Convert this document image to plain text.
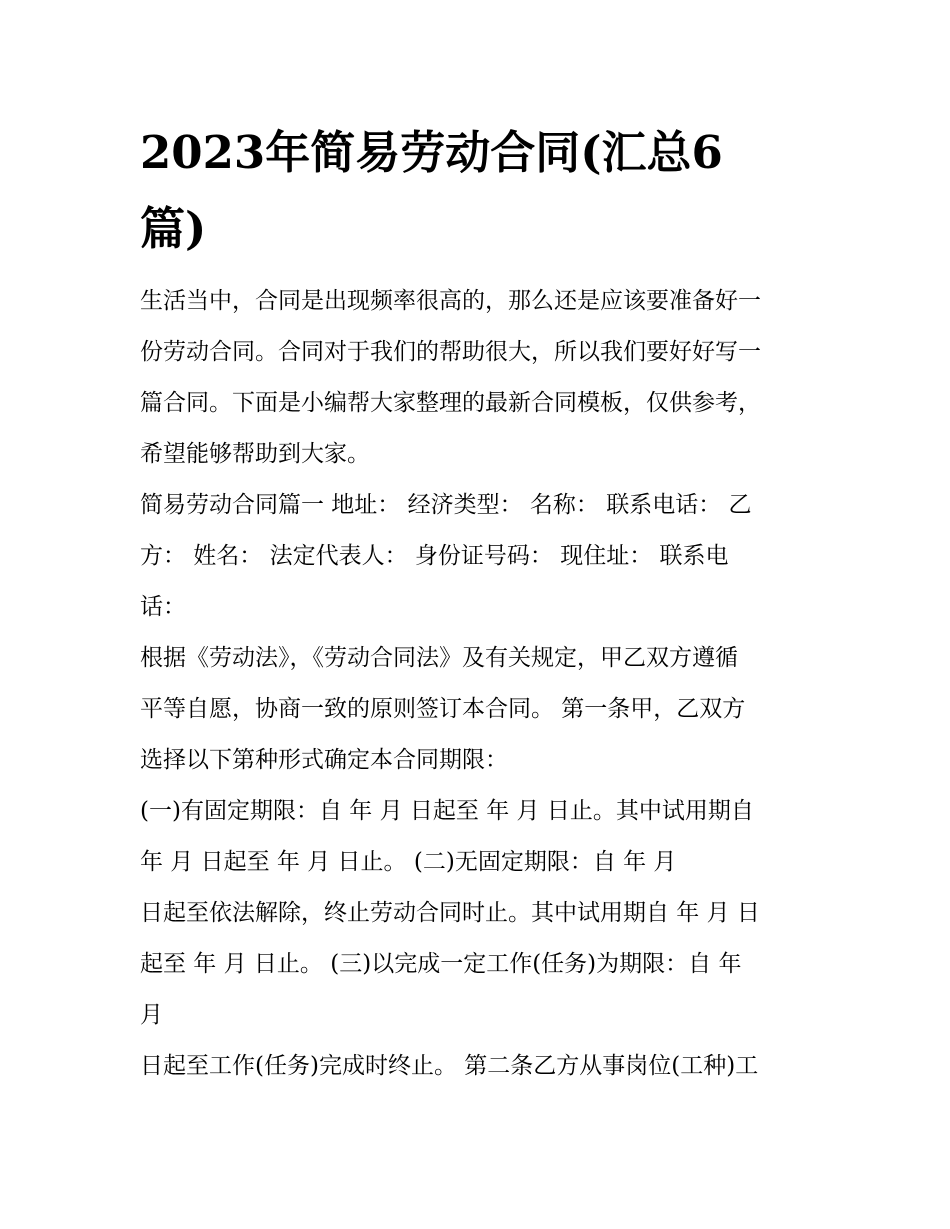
2023年简易劳动合同(汇总6
篇)
生活当中，合同是出现频率很高的，那么还是应该要准备好一
份劳动合同。合同对于我们的帮助很大，所以我们要好好写一
篇合同。下面是小编帮大家整理的最新合同模板，仅供参考，
希望能够帮助到大家。
简易劳动合同篇一 地址： 经济类型： 名称： 联系电话： 乙
方： 姓名： 法定代表人： 身份证号码： 现住址： 联系电
话：
根据《劳动法》，《劳动合同法》及有关规定，甲乙双方遵循
平等自愿，协商一致的原则签订本合同。 第一条甲，乙双方
选择以下第种形式确定本合同期限：
(一)有固定期限：自 年 月 日起至 年 月 日止。其中试用期自
年 月 日起至 年 月 日止。 (二)无固定期限：自 年 月
日起至依法解除，终止劳动合同时止。其中试用期自 年 月 日
起至 年 月 日止。 (三)以完成一定工作(任务)为期限：自 年
月
日起至工作(任务)完成时终止。 第二条乙方从事岗位(工种)工
